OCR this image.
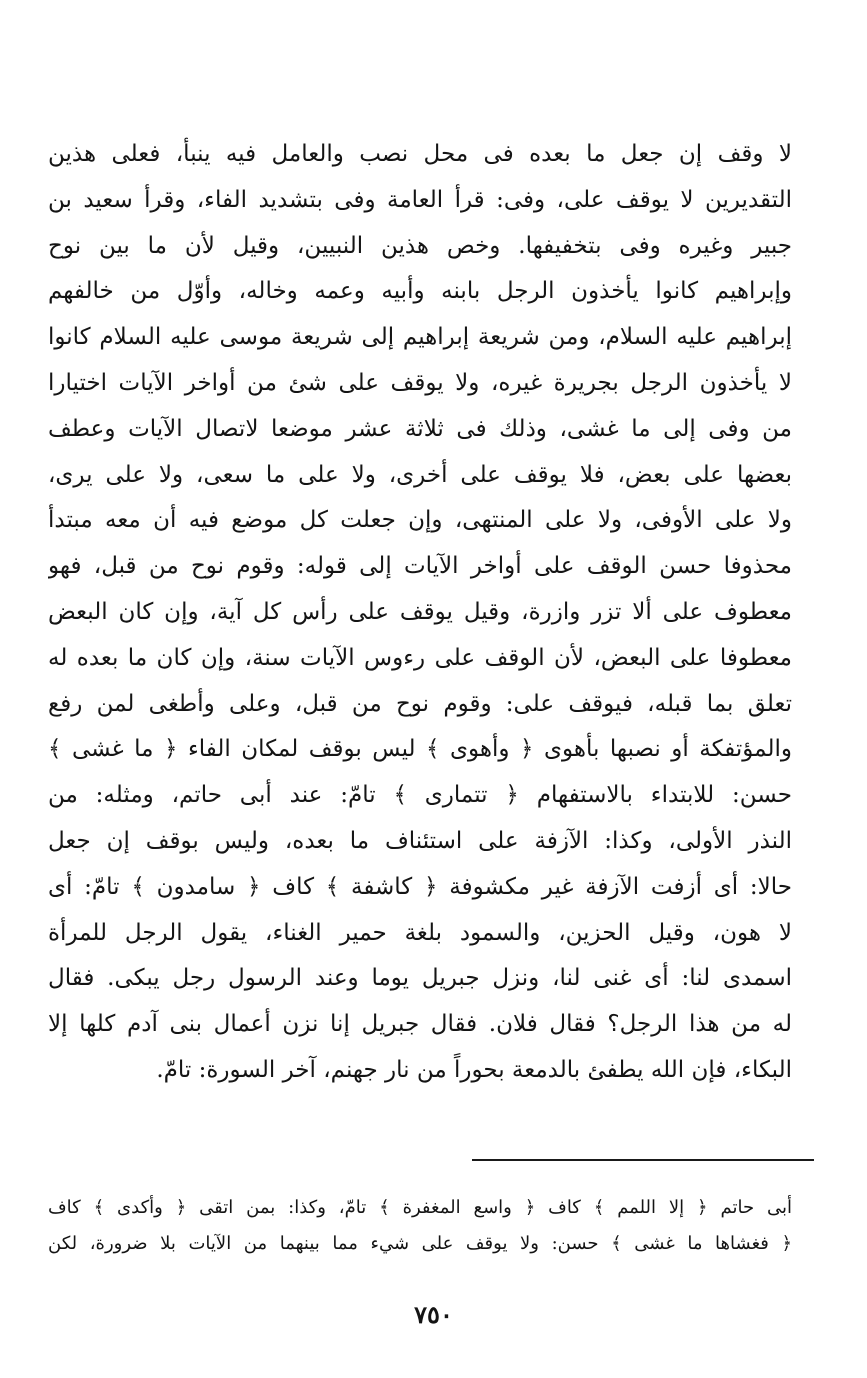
لا وقف إن جعل ما بعده فى محل نصب والعامل فيه ينبأ، فعلى هذين
التقديرين لا يوقف على، وفى: قرأ العامة وفى بتشديد الفاء، وقرأ سعيد بن
جبير وغيره وفى بتخفيفها. وخص هذين النبيين، وقيل لأن ما بين نوح
وإبراهيم كانوا يأخذون الرجل بابنه وأبيه وعمه وخاله، وأوّل من خالفهم
إبراهيم عليه السلام، ومن شريعة إبراهيم إلى شريعة موسى عليه السلام كانوا
لا يأخذون الرجل بجريرة غيره، ولا يوقف على شئ من أواخر الآيات اختيارا
من وفى إلى ما غشى، وذلك فى ثلاثة عشر موضعا لاتصال الآيات وعطف
بعضها على بعض، فلا يوقف على أخرى، ولا على ما سعى، ولا على يرى،
ولا على الأوفى، ولا على المنتهى، وإن جعلت كل موضع فيه أن معه مبتدأ
محذوفا حسن الوقف على أواخر الآيات إلى قوله: وقوم نوح من قبل، فهو
معطوف على ألا تزر وازرة، وقيل يوقف على رأس كل آية، وإن كان البعض
معطوفا على البعض، لأن الوقف على رءوس الآيات سنة، وإن كان ما بعده له
تعلق بما قبله، فيوقف على: وقوم نوح من قبل، وعلى وأطغى لمن رفع
والمؤتفكة أو نصبها بأهوى ﴿ وأهوى ﴾ ليس بوقف لمكان الفاء ﴿ ما غشى ﴾
حسن: للابتداء بالاستفهام ﴿ تتمارى ﴾ تامّ: عند أبى حاتم، ومثله: من
النذر الأولى، وكذا: الآزفة على استئناف ما بعده، وليس بوقف إن جعل
حالا: أى أزفت الآزفة غير مكشوفة ﴿ كاشفة ﴾ كاف ﴿ سامدون ﴾ تامّ: أى
لا هون، وقيل الحزين، والسمود بلغة حمير الغناء، يقول الرجل للمرأة
اسمدى لنا: أى غنى لنا، ونزل جبريل يوما وعند الرسول رجل يبكى. فقال
له من هذا الرجل؟ فقال فلان. فقال جبريل إنا نزن أعمال بنى آدم كلها إلا
البكاء، فإن الله يطفئ بالدمعة بحوراً من نار جهنم، آخر السورة: تامّ.
أبى حاتم ﴿ إلا اللمم ﴾ كاف ﴿ واسع المغفرة ﴾ تامّ، وكذا: بمن اتقى ﴿ وأكدى ﴾ كاف
﴿ فغشاها ما غشى ﴾ حسن: ولا يوقف على شيء مما بينهما من الآيات بلا ضرورة، لكن
٧٥٠
